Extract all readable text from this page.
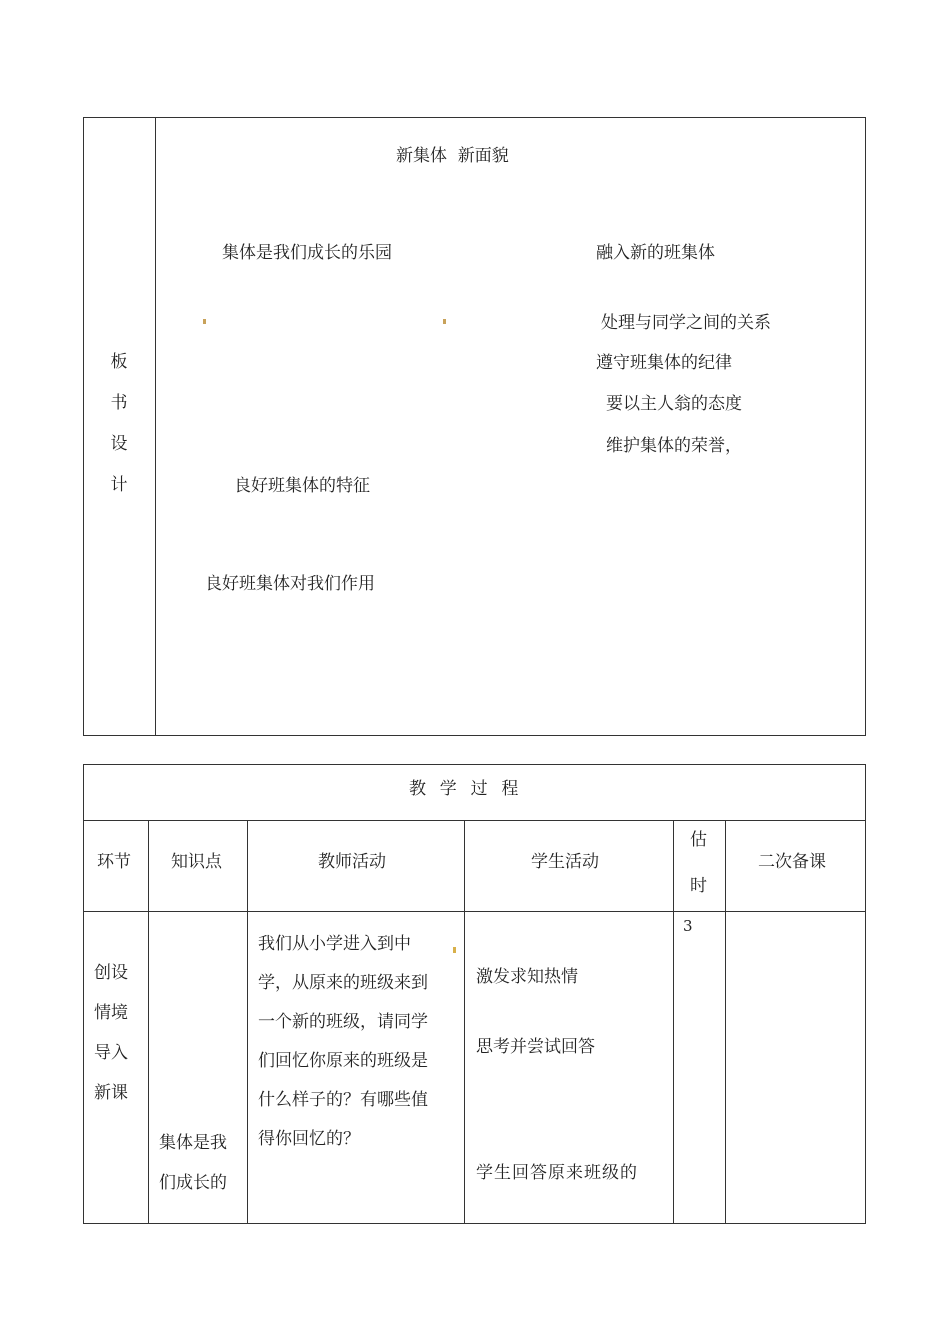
板
书
设
计
新集体  新面貌
集体是我们成长的乐园
良好班集体的特征
良好班集体对我们作用
融入新的班集体
处理与同学之间的关系
遵守班集体的纪律
要以主人翁的态度
维护集体的荣誉，
教  学  过  程
环节 知识点	教师活动	学生活动
估
时
二次备课
创设
情境
导入
新课
集体是我
们成长的
我们从小学进入到中
学，从原来的班级来到
一个新的班级，请同学
们回忆你原来的班级是
什么样子的？有哪些值
得你回忆的？
激发求知热情
思考并尝试回答
学生回答原来班级的
3
